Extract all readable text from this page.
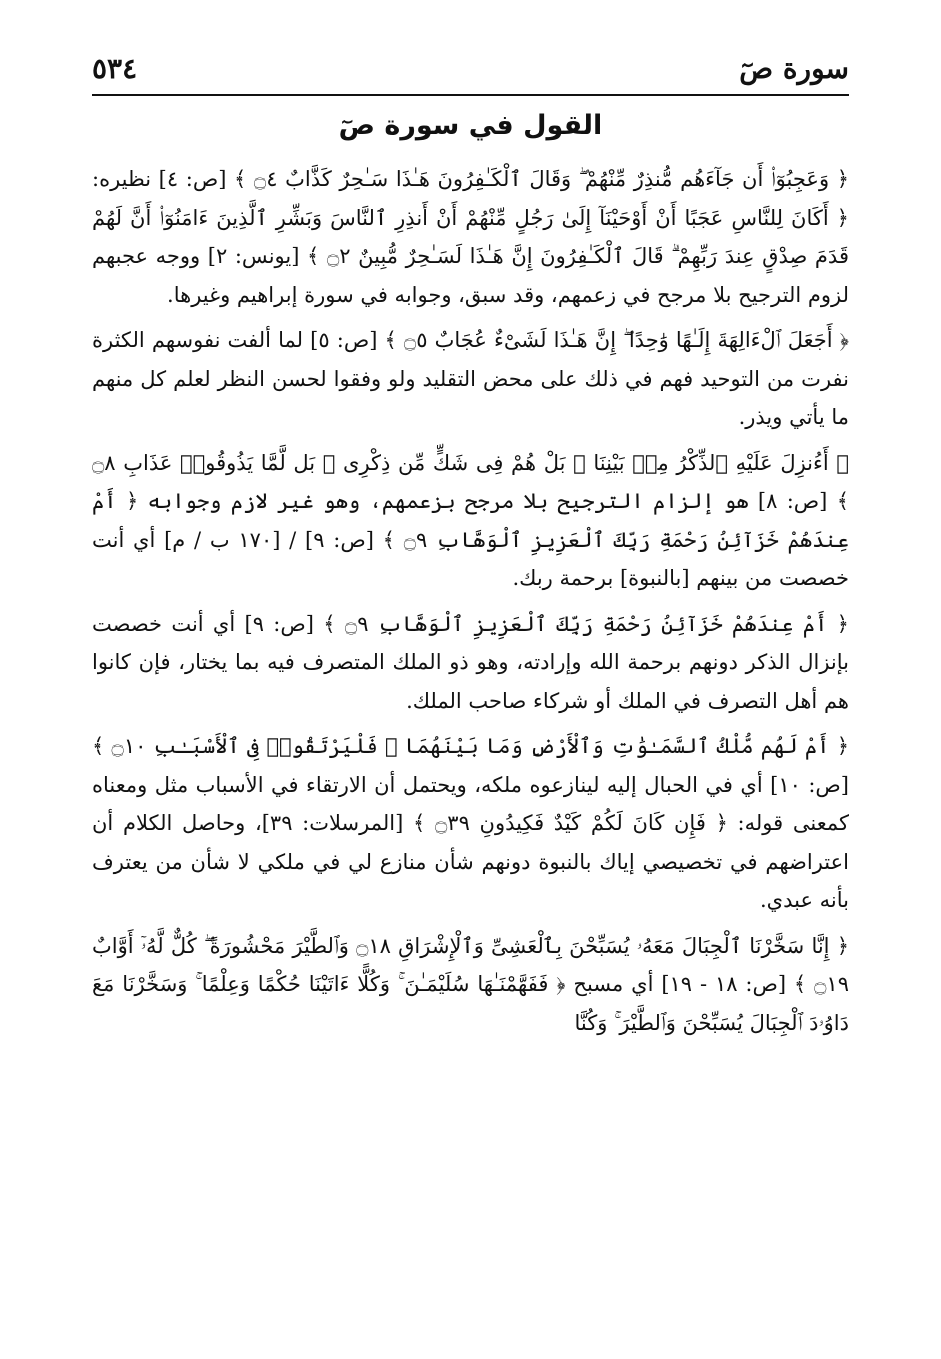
سورة صٓ
٥٣٤
القول في سورة صٓ

﴿ وَعَجِبُوٓا۟ أَن جَآءَهُم مُّنذِرٌ مِّنْهُمْ ۖ وَقَالَ ٱلْكَـٰفِرُونَ هَـٰذَا سَـٰحِرٌ كَذَّابٌ ۝٤ ﴾ [ص: ٤] نظيره: ﴿ أَكَانَ لِلنَّاسِ عَجَبًا أَنْ أَوْحَيْنَآ إِلَىٰ رَجُلٍ مِّنْهُمْ أَنْ أَنذِرِ ٱلنَّاسَ وَبَشِّرِ ٱلَّذِينَ ءَامَنُوٓا۟ أَنَّ لَهُمْ قَدَمَ صِدْقٍ عِندَ رَبِّهِمْ ۗ قَالَ ٱلْكَـٰفِرُونَ إِنَّ هَـٰذَا لَسَـٰحِرٌ مُّبِينٌ ۝٢ ﴾ [يونس: ٢] ووجه عجبهم لزوم الترجيح بلا مرجح في زعمهم، وقد سبق، وجوابه في سورة إبراهيم وغيرها.

﴿ أَجَعَلَ ٱلْءَالِهَةَ إِلَـٰهًا وَٰحِدًا ۖ إِنَّ هَـٰذَا لَشَىْءٌ عُجَابٌ ۝٥ ﴾ [ص: ٥] لما ألفت نفوسهم الكثرة نفرت من التوحيد فهم في ذلك على محض التقليد ولو وفقوا لحسن النظر لعلم كل منهم ما يأتي ويذر.

﴿ أَءُنزِلَ عَلَيْهِ ٱلذِّكْرُ مِنۢ بَيْنِنَا ۚ بَلْ هُمْ فِى شَكٍّ مِّن ذِكْرِى ۖ بَل لَّمَّا يَذُوقُوا۟ عَذَابِ ۝٨ ﴾ [ص: ٨] هو إلزام الترجيح بلا مرجح بزعمهم، وهو غير لازم وجوابه ﴿ أَمْ عِندَهُمْ خَزَآئِنُ رَحْمَةِ رَبِّكَ ٱلْعَزِيزِ ٱلْوَهَّابِ ۝٩ ﴾ [ص: ٩] / [١٧٠ ب / م] أي أنت خصصت من بينهم [بالنبوة] برحمة ربك.

﴿ أَمْ عِندَهُمْ خَزَآئِنُ رَحْمَةِ رَبِّكَ ٱلْعَزِيزِ ٱلْوَهَّابِ ۝٩ ﴾ [ص: ٩] أي أنت خصصت بإنزال الذكر دونهم برحمة الله وإرادته، وهو ذو الملك المتصرف فيه بما يختار، فإن كانوا هم أهل التصرف في الملك أو شركاء صاحب الملك.

﴿ أَمْ لَهُم مُّلْكُ ٱلسَّمَـٰوَٰتِ وَٱلْأَرْضِ وَمَا بَيْنَهُمَا ۖ فَلْيَرْتَقُوا۟ فِى ٱلْأَسْبَـٰبِ ۝١٠ ﴾ [ص: ١٠] أي في الحبال إليه لينازعوه ملكه، ويحتمل أن الارتقاء في الأسباب مثل ومعناه كمعنى قوله: ﴿ فَإِن كَانَ لَكُمْ كَيْدٌ فَكِيدُونِ ۝٣٩ ﴾ [المرسلات: ٣٩]، وحاصل الكلام أن اعتراضهم في تخصيصي إياك بالنبوة دونهم شأن منازع لي في ملكي لا شأن من يعترف بأنه عبدي.

﴿ إِنَّا سَخَّرْنَا ٱلْجِبَالَ مَعَهُۥ يُسَبِّحْنَ بِٱلْعَشِىِّ وَٱلْإِشْرَاقِ ۝١٨ وَٱلطَّيْرَ مَحْشُورَةً ۖ كُلٌّ لَّهُۥٓ أَوَّابٌ ۝١٩ ﴾ [ص: ١٨ - ١٩] أي مسبح ﴿ فَفَهَّمْنَـٰهَا سُلَيْمَـٰنَ ۚ وَكُلًّا ءَاتَيْنَا حُكْمًا وَعِلْمًا ۚ وَسَخَّرْنَا مَعَ دَاوُۥدَ ٱلْجِبَالَ يُسَبِّحْنَ وَٱلطَّيْرَ ۚ وَكُنَّا
